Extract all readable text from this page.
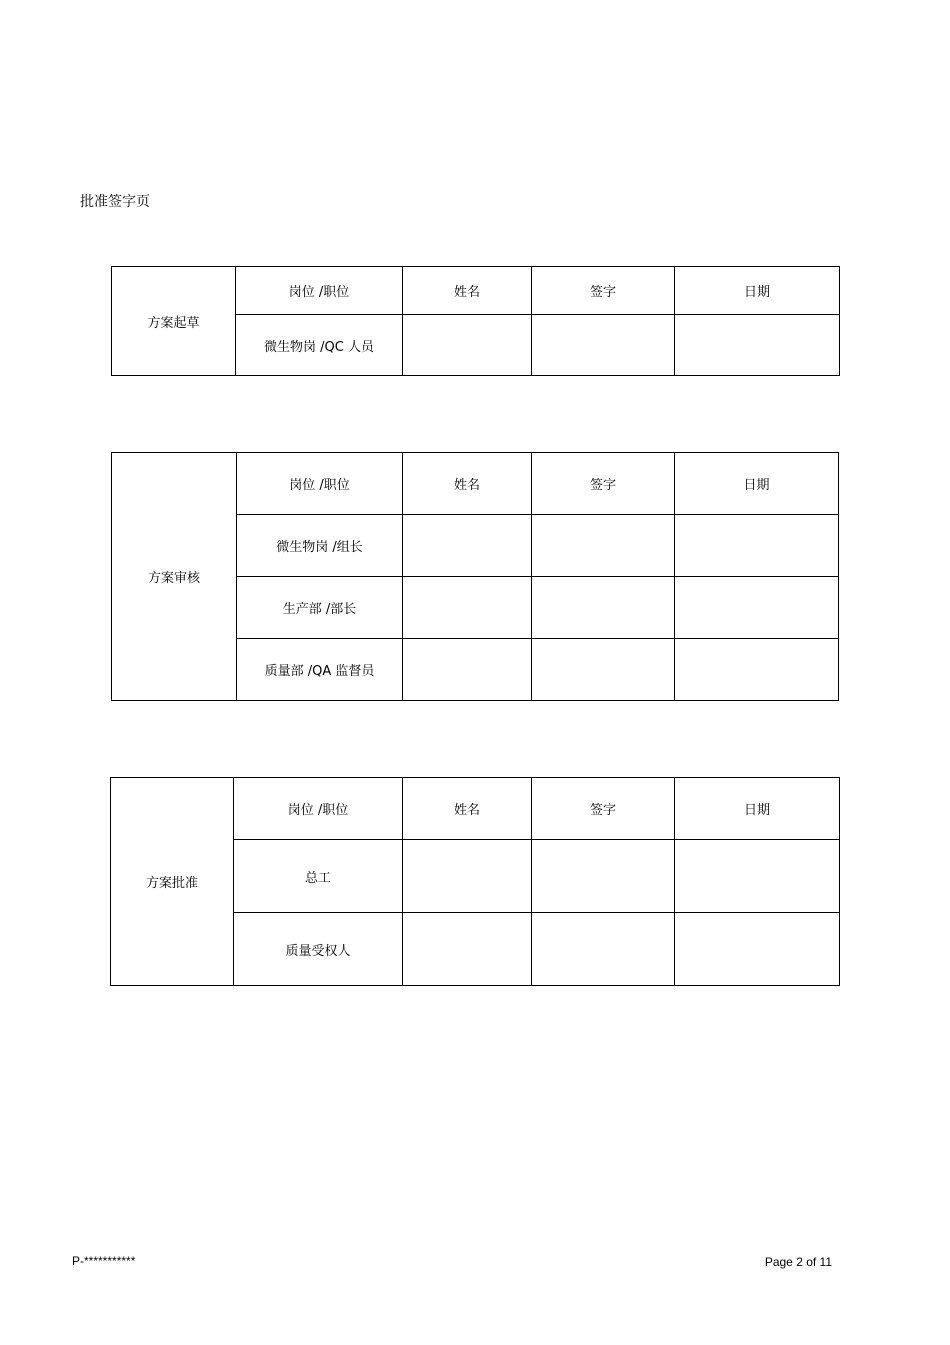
批准签字页
方案起草	岗位 /职位	姓名	签字	日期
	微生物岗 /QC 人员			
方案审核	岗位 /职位	姓名	签字	日期
	微生物岗 /组长			
	生产部 /部长			
	质量部 /QA 监督员			
方案批准	岗位 /职位	姓名	签字	日期
	总工			
	质量受权人			
P-***********	Page 2 of 11
